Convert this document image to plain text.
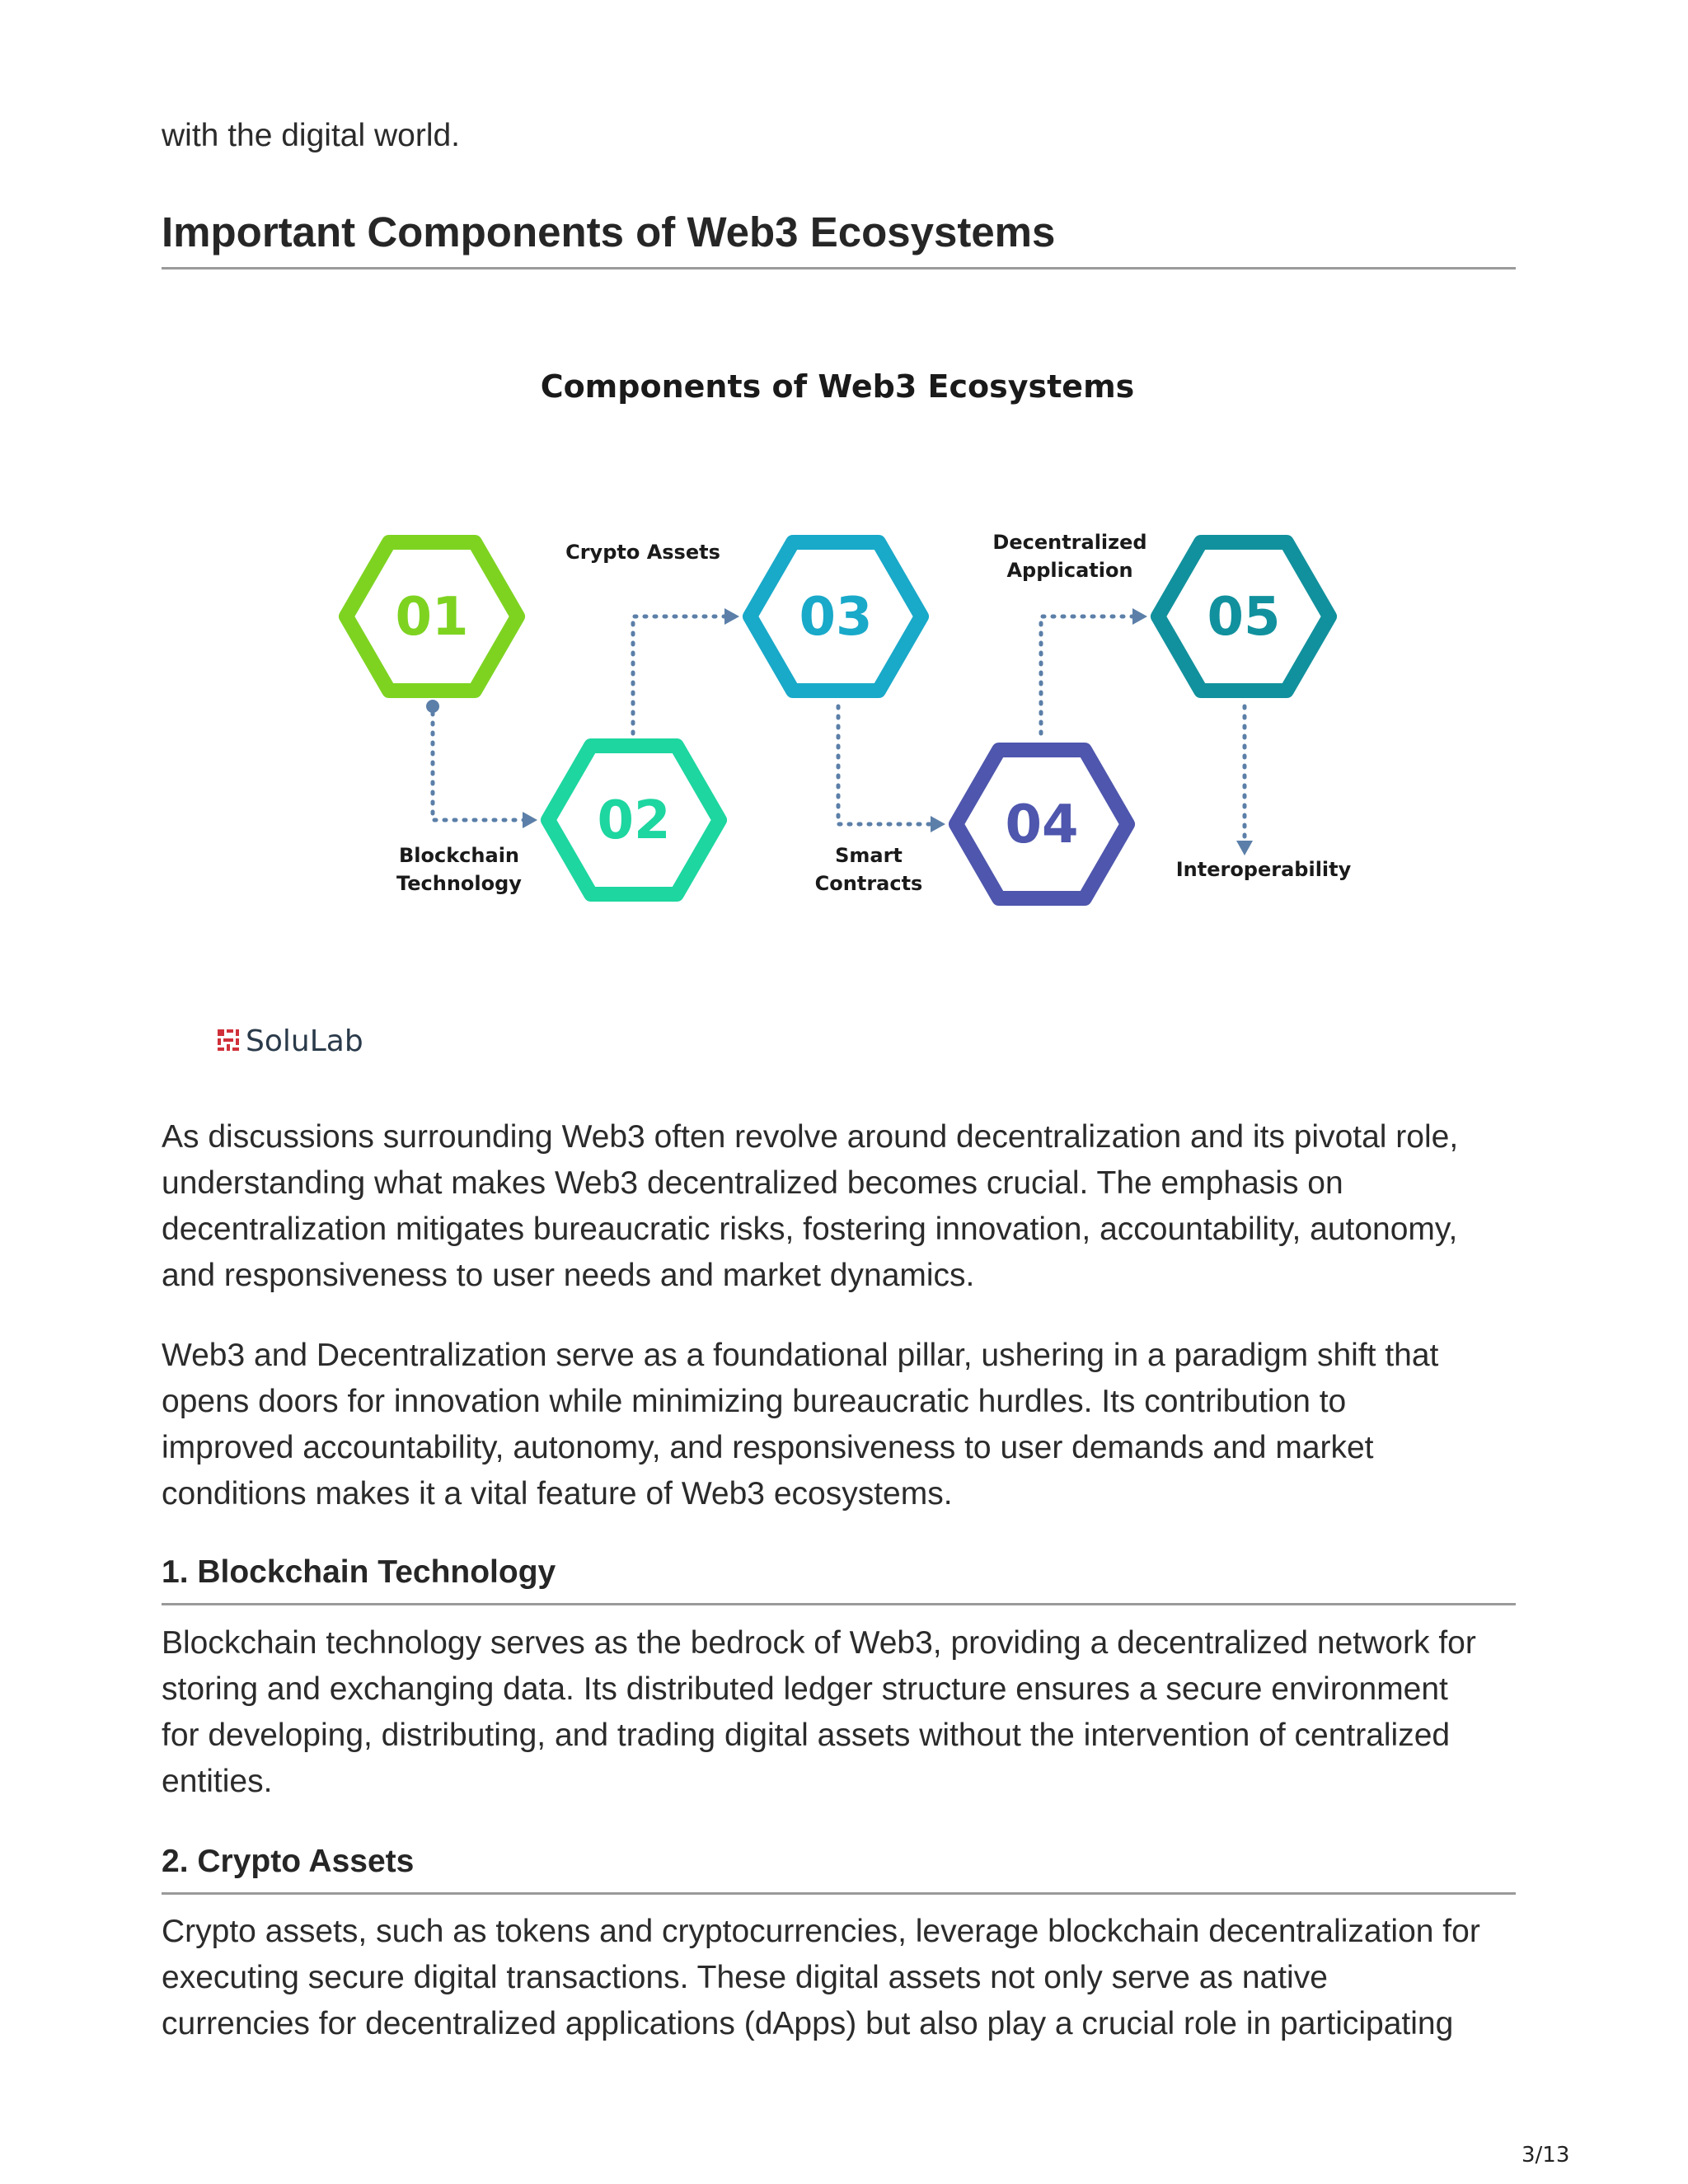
with the digital world.
Important Components of Web3 Ecosystems
Components of Web3 Ecosystems
01
02
03
04
05
Blockchain
Technology
Crypto Assets
Smart
Contracts
Decentralized
Application
Interoperability
SoluLab
As discussions surrounding Web3 often revolve around decentralization and its pivotal role,
understanding what makes Web3 decentralized becomes crucial. The emphasis on
decentralization mitigates bureaucratic risks, fostering innovation, accountability, autonomy,
and responsiveness to user needs and market dynamics.
Web3 and Decentralization serve as a foundational pillar, ushering in a paradigm shift that
opens doors for innovation while minimizing bureaucratic hurdles. Its contribution to
improved accountability, autonomy, and responsiveness to user demands and market
conditions makes it a vital feature of Web3 ecosystems.
1. Blockchain Technology
Blockchain technology serves as the bedrock of Web3, providing a decentralized network for
storing and exchanging data. Its distributed ledger structure ensures a secure environment
for developing, distributing, and trading digital assets without the intervention of centralized
entities.
2. Crypto Assets
Crypto assets, such as tokens and cryptocurrencies, leverage blockchain decentralization for
executing secure digital transactions. These digital assets not only serve as native
currencies for decentralized applications (dApps) but also play a crucial role in participating
3/13
